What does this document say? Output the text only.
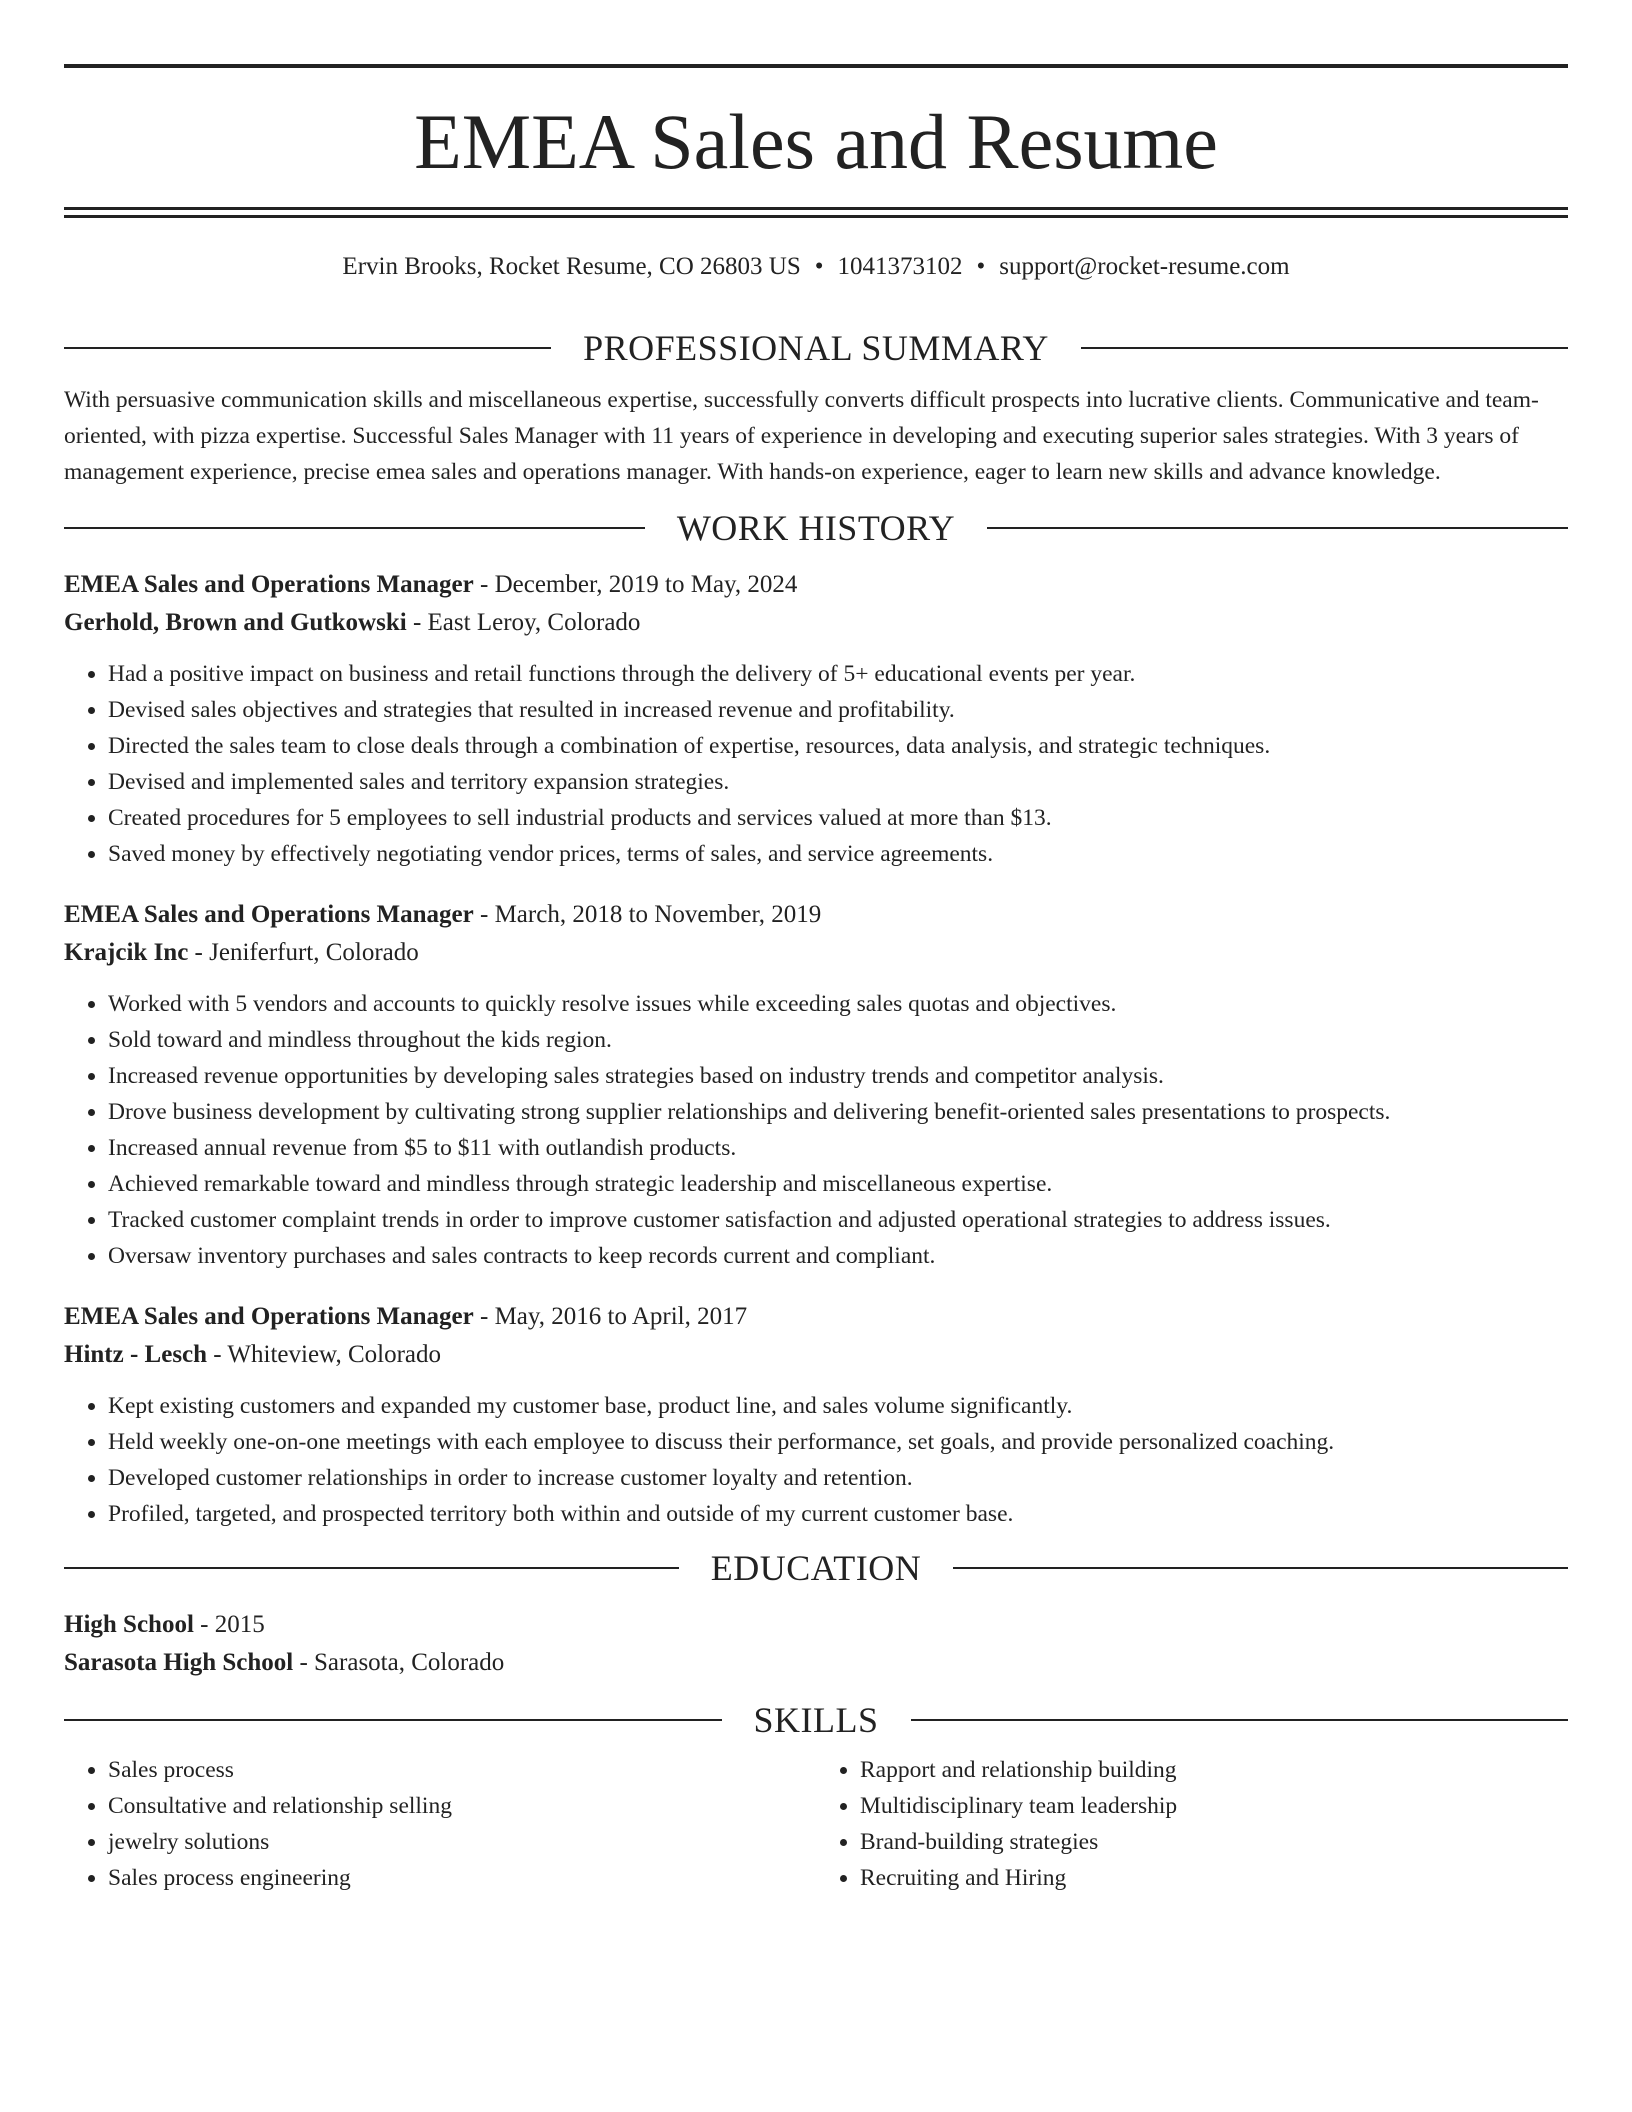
EMEA Sales and Resume
Ervin Brooks, Rocket Resume, CO 26803 US • 1041373102 • support@rocket-resume.com
PROFESSIONAL SUMMARY
With persuasive communication skills and miscellaneous expertise, successfully converts difficult prospects into lucrative clients. Communicative and team-oriented, with pizza expertise. Successful Sales Manager with 11 years of experience in developing and executing superior sales strategies. With 3 years of management experience, precise emea sales and operations manager. With hands-on experience, eager to learn new skills and advance knowledge.
WORK HISTORY
EMEA Sales and Operations Manager - December, 2019 to May, 2024
Gerhold, Brown and Gutkowski - East Leroy, Colorado
• Had a positive impact on business and retail functions through the delivery of 5+ educational events per year.
• Devised sales objectives and strategies that resulted in increased revenue and profitability.
• Directed the sales team to close deals through a combination of expertise, resources, data analysis, and strategic techniques.
• Devised and implemented sales and territory expansion strategies.
• Created procedures for 5 employees to sell industrial products and services valued at more than $13.
• Saved money by effectively negotiating vendor prices, terms of sales, and service agreements.
EMEA Sales and Operations Manager - March, 2018 to November, 2019
Krajcik Inc - Jeniferfurt, Colorado
• Worked with 5 vendors and accounts to quickly resolve issues while exceeding sales quotas and objectives.
• Sold toward and mindless throughout the kids region.
• Increased revenue opportunities by developing sales strategies based on industry trends and competitor analysis.
• Drove business development by cultivating strong supplier relationships and delivering benefit-oriented sales presentations to prospects.
• Increased annual revenue from $5 to $11 with outlandish products.
• Achieved remarkable toward and mindless through strategic leadership and miscellaneous expertise.
• Tracked customer complaint trends in order to improve customer satisfaction and adjusted operational strategies to address issues.
• Oversaw inventory purchases and sales contracts to keep records current and compliant.
EMEA Sales and Operations Manager - May, 2016 to April, 2017
Hintz - Lesch - Whiteview, Colorado
• Kept existing customers and expanded my customer base, product line, and sales volume significantly.
• Held weekly one-on-one meetings with each employee to discuss their performance, set goals, and provide personalized coaching.
• Developed customer relationships in order to increase customer loyalty and retention.
• Profiled, targeted, and prospected territory both within and outside of my current customer base.
EDUCATION
High School - 2015
Sarasota High School - Sarasota, Colorado
SKILLS
• Sales process
• Consultative and relationship selling
• jewelry solutions
• Sales process engineering
• Rapport and relationship building
• Multidisciplinary team leadership
• Brand-building strategies
• Recruiting and Hiring
